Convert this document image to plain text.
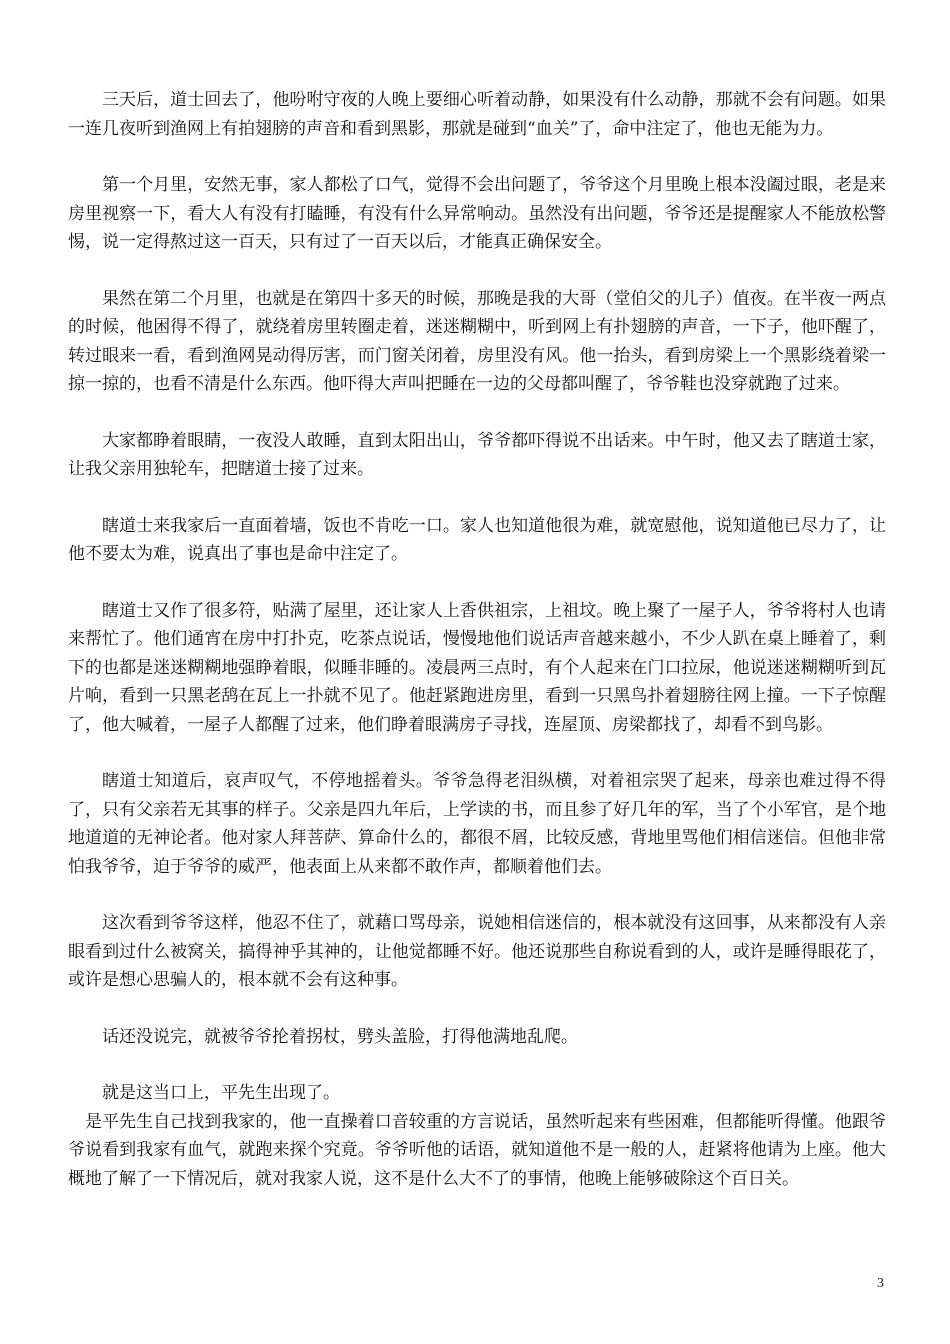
三天后，道士回去了，他吩咐守夜的人晚上要细心听着动静，如果没有什么动静，那就不会有问题。如果一连几夜听到渔网上有拍翅膀的声音和看到黑影，那就是碰到“血关”了，命中注定了，他也无能为力。

第一个月里，安然无事，家人都松了口气，觉得不会出问题了，爷爷这个月里晚上根本没阖过眼，老是来房里视察一下，看大人有没有打瞌睡，有没有什么异常响动。虽然没有出问题，爷爷还是提醒家人不能放松警惕，说一定得熬过这一百天，只有过了一百天以后，才能真正确保安全。

果然在第二个月里，也就是在第四十多天的时候，那晚是我的大哥（堂伯父的儿子）值夜。在半夜一两点的时候，他困得不得了，就绕着房里转圈走着，迷迷糊糊中，听到网上有扑翅膀的声音，一下子，他吓醒了，转过眼来一看，看到渔网晃动得厉害，而门窗关闭着，房里没有风。他一抬头，看到房梁上一个黑影绕着梁一掠一掠的，也看不清是什么东西。他吓得大声叫把睡在一边的父母都叫醒了，爷爷鞋也没穿就跑了过来。

大家都睁着眼睛，一夜没人敢睡，直到太阳出山，爷爷都吓得说不出话来。中午时，他又去了瞎道士家，让我父亲用独轮车，把瞎道士接了过来。

瞎道士来我家后一直面着墙，饭也不肯吃一口。家人也知道他很为难，就宽慰他，说知道他已尽力了，让他不要太为难，说真出了事也是命中注定了。

瞎道士又作了很多符，贴满了屋里，还让家人上香供祖宗，上祖坟。晚上聚了一屋子人，爷爷将村人也请来帮忙了。他们通宵在房中打扑克，吃茶点说话，慢慢地他们说话声音越来越小，不少人趴在桌上睡着了，剩下的也都是迷迷糊糊地强睁着眼，似睡非睡的。凌晨两三点时，有个人起来在门口拉尿，他说迷迷糊糊听到瓦片响，看到一只黑老鸹在瓦上一扑就不见了。他赶紧跑进房里，看到一只黑鸟扑着翅膀往网上撞。一下子惊醒了，他大喊着，一屋子人都醒了过来，他们睁着眼满房子寻找，连屋顶、房梁都找了，却看不到鸟影。

瞎道士知道后，哀声叹气，不停地摇着头。爷爷急得老泪纵横，对着祖宗哭了起来，母亲也难过得不得了，只有父亲若无其事的样子。父亲是四九年后，上学读的书，而且参了好几年的军，当了个小军官，是个地地道道的无神论者。他对家人拜菩萨、算命什么的，都很不屑，比较反感，背地里骂他们相信迷信。但他非常怕我爷爷，迫于爷爷的威严，他表面上从来都不敢作声，都顺着他们去。

这次看到爷爷这样，他忍不住了，就藉口骂母亲，说她相信迷信的，根本就没有这回事，从来都没有人亲眼看到过什么被窝关，搞得神乎其神的，让他觉都睡不好。他还说那些自称说看到的人，或许是睡得眼花了，或许是想心思骗人的，根本就不会有这种事。

话还没说完，就被爷爷抡着拐杖，劈头盖脸，打得他满地乱爬。

就是这当口上，平先生出现了。

是平先生自己找到我家的，他一直操着口音较重的方言说话，虽然听起来有些困难，但都能听得懂。他跟爷爷说看到我家有血气，就跑来探个究竟。爷爷听他的话语，就知道他不是一般的人，赶紧将他请为上座。他大概地了解了一下情况后，就对我家人说，这不是什么大不了的事情，他晚上能够破除这个百日关。

3
